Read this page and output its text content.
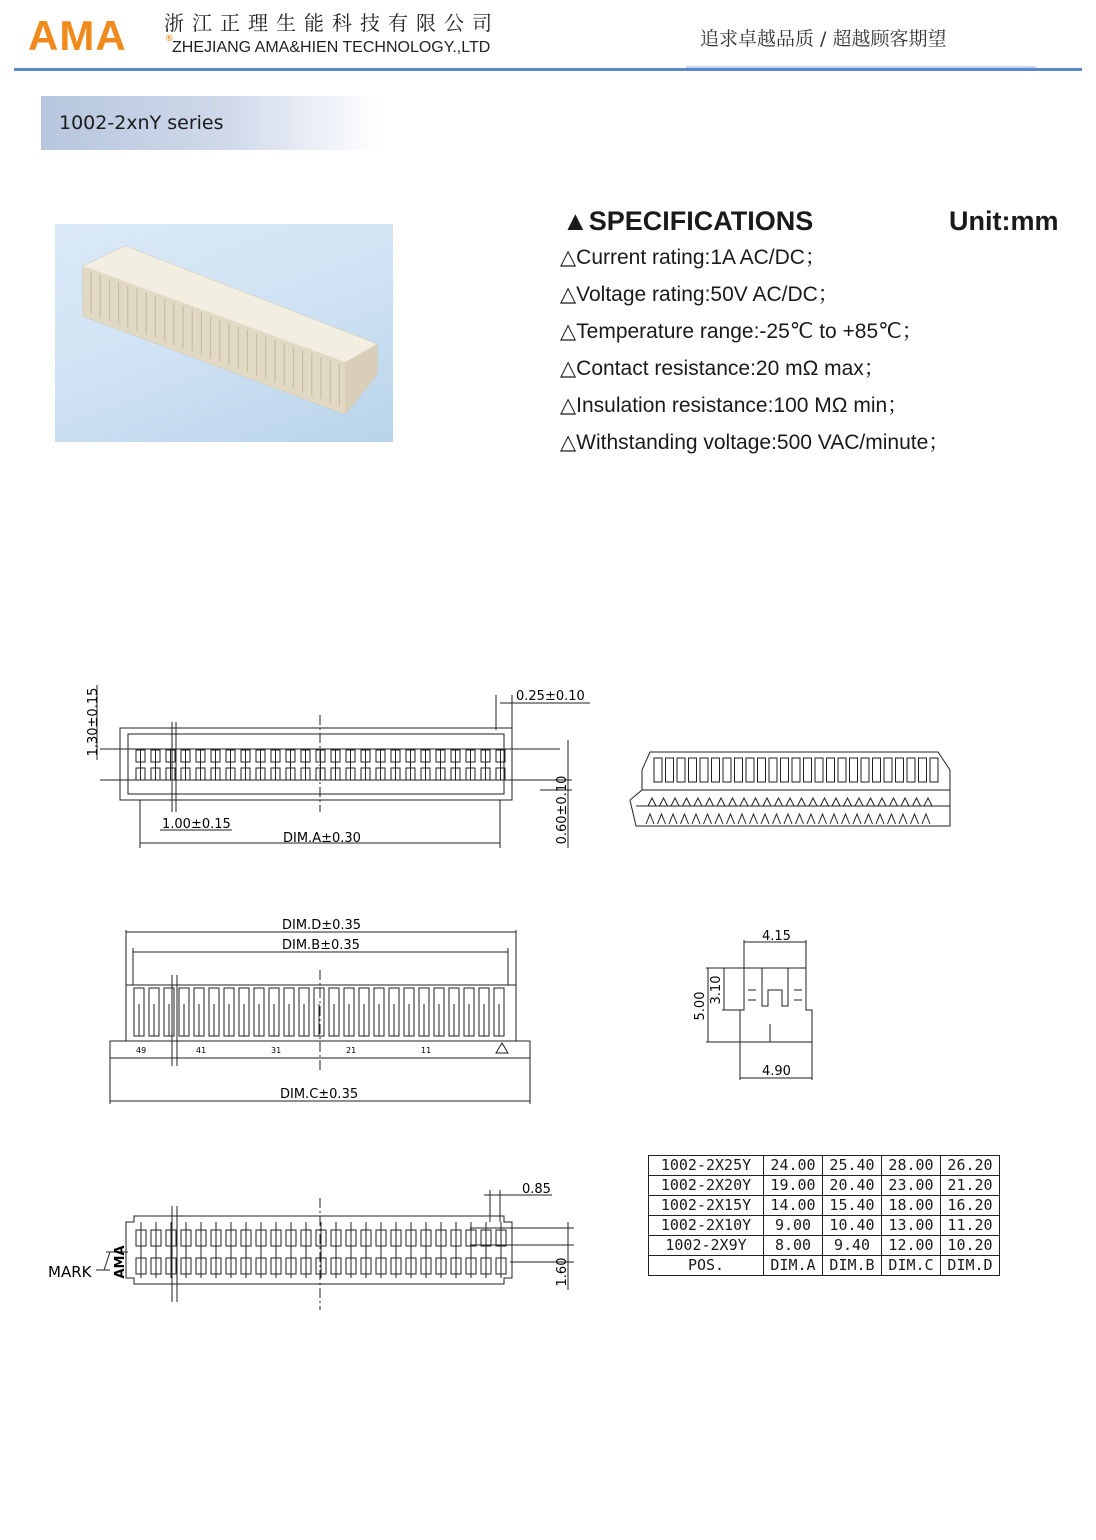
AMA	®
浙江正理生能科技有限公司
ZHEJIANG AMA&HIEN TECHNOLOGY.,LTD	追求卓越品质 / 超越顾客期望
1002-2xnY series
▲SPECIFICATIONS	Unit:mm
△Current rating:1A AC/DC；
△Voltage rating:50V AC/DC；
△Temperature range:-25℃ to +85℃；
△Contact resistance:20 mΩ max；
△Insulation resistance:100 MΩ min；
△Withstanding voltage:500 VAC/minute；
1.30±0.15	0.25±0.10
0.60±0.10
1.00±0.15
DIM.A±0.30
DIM.D±0.35
DIM.B±0.35
DIM.C±0.35
49	41	31	21	11
4.15
5.00
3.10
4.90
0.85
1.60
MARK AMA
1002-2X25Y	24.00	25.40	28.00	26.20
1002-2X20Y	19.00	20.40	23.00	21.20
1002-2X15Y	14.00	15.40	18.00	16.20
1002-2X10Y	9.00	10.40	13.00	11.20
1002-2X9Y	8.00	9.40	12.00	10.20
POS.	DIM.A	DIM.B	DIM.C	DIM.D
